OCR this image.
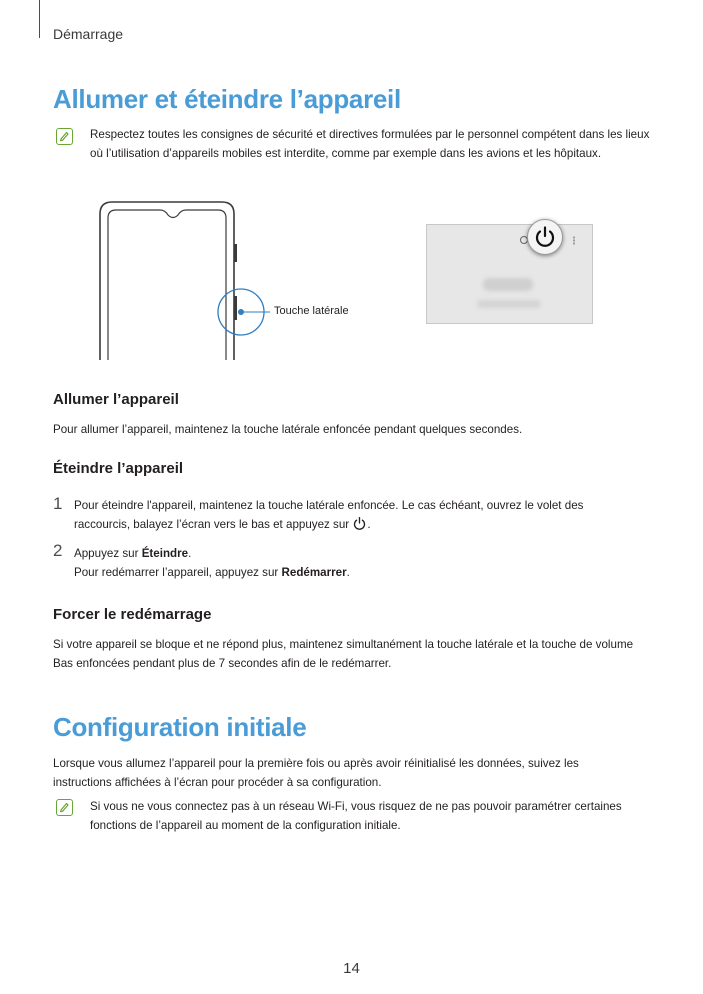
Démarrage
Allumer et éteindre l’appareil
Respectez toutes les consignes de sécurité et directives formulées par le personnel compétent dans les lieux où l’utilisation d’appareils mobiles est interdite, comme par exemple dans les avions et les hôpitaux.
Touche latérale
Allumer l’appareil
Pour allumer l’appareil, maintenez la touche latérale enfoncée pendant quelques secondes.
Éteindre l’appareil
1 Pour éteindre l'appareil, maintenez la touche latérale enfoncée. Le cas échéant, ouvrez le volet des
raccourcis, balayez l’écran vers le bas et appuyez sur .
2 Appuyez sur Éteindre.
Pour redémarrer l’appareil, appuyez sur Redémarrer.
Forcer le redémarrage
Si votre appareil se bloque et ne répond plus, maintenez simultanément la touche latérale et la touche de volume Bas enfoncées pendant plus de 7 secondes afin de le redémarrer.
Configuration initiale
Lorsque vous allumez l’appareil pour la première fois ou après avoir réinitialisé les données, suivez les instructions affichées à l’écran pour procéder à sa configuration.
Si vous ne vous connectez pas à un réseau Wi-Fi, vous risquez de ne pas pouvoir paramétrer certaines fonctions de l’appareil au moment de la configuration initiale.
14
